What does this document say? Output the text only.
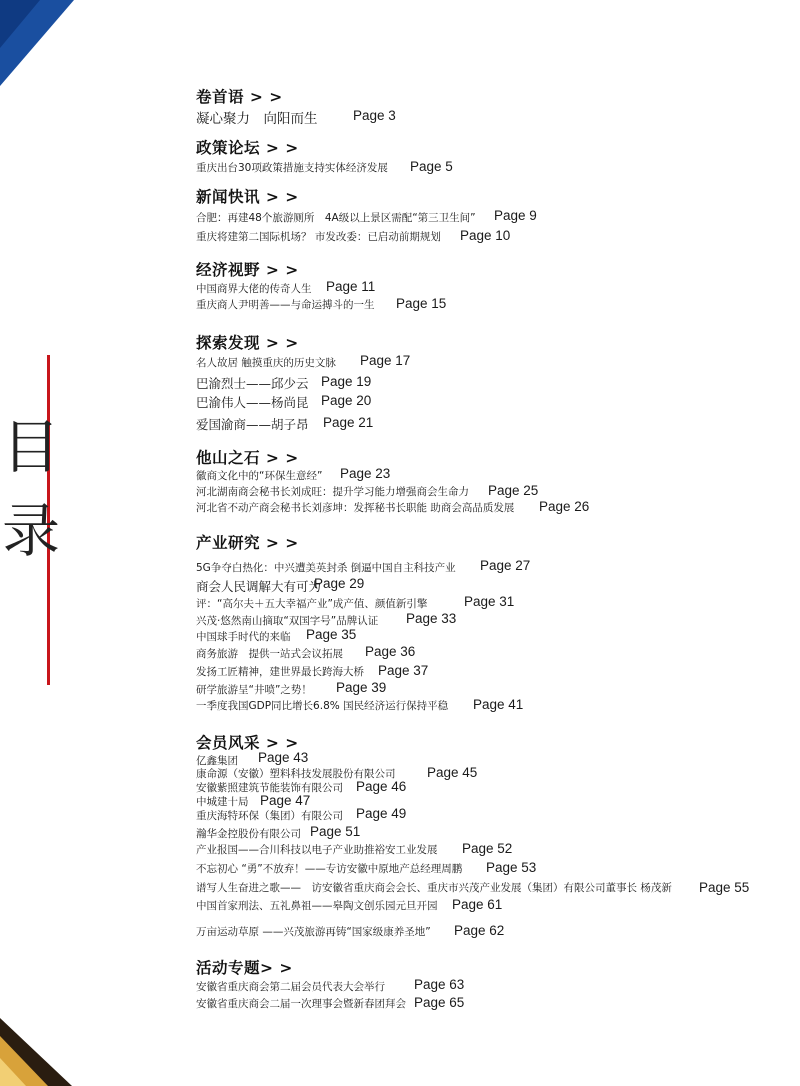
目
录
卷首语 > >
凝心聚力　向阳而生	Page 3
政策论坛 > >
重庆出台30项政策措施支持实体经济发展 Page 5
新闻快讯 > >
合肥：再建48个旅游厕所　4A级以上景区需配“第三卫生间” Page 9
重庆将建第二国际机场？ 市发改委：已启动前期规划 Page 10
经济视野 > >
中国商界大佬的传奇人生 Page 11
重庆商人尹明善——与命运搏斗的一生 Page 15
探索发现 > >
名人故居 触摸重庆的历史文脉 Page 17
巴渝烈士——邱少云 Page 19
巴渝伟人——杨尚昆 Page 20
爱国渝商——胡子昂 Page 21
他山之石 > >
徽商文化中的“环保生意经” Page 23
河北湖南商会秘书长刘成旺：提升学习能力增强商会生命力 Page 25
河北省不动产商会秘书长刘彦坤：发挥秘书长职能 助商会高品质发展 Page 26
产业研究 > >
5G争夺白热化：中兴遭美英封杀 倒逼中国自主科技产业 Page 27
商会人民调解大有可为
Page 29
评：“高尔夫＋五大幸福产业”成产值、颜值新引擎	Page 31
兴茂·悠然南山摘取“双国字号”品牌认证 Page 33
中国球手时代的来临 Page 35
商务旅游　提供一站式会议拓展 Page 36
发扬工匠精神，建世界最长跨海大桥 Page 37
研学旅游呈“井喷”之势！ Page 39
一季度我国GDP同比增长6.8% 国民经济运行保持平稳 Page 41
会员风采 > >
亿鑫集团 Page 43
康命源（安徽）塑料科技发展股份有限公司 Page 45
安徽紫照建筑节能装饰有限公司 Page 46
中城建十局 Page 47
重庆海特环保（集团）有限公司 Page 49
瀚华金控股份有限公司 Page 51
产业报国——合川科技以电子产业助推裕安工业发展 Page 52
不忘初心 “勇”不放弃！——专访安徽中原地产总经理周鹏 Page 53
谱写人生奋进之歌——　访安徽省重庆商会会长、重庆市兴茂产业发展（集团）有限公司董事长 杨茂新 Page 55
中国首家刑法、五礼鼻祖——皋陶文创乐园元旦开园 Page 61
万亩运动草原 ——兴茂旅游再铸“国家级康养圣地” Page 62
活动专题> >
安徽省重庆商会第二届会员代表大会举行 Page 63
安徽省重庆商会二届一次理事会暨新春团拜会 Page 65
